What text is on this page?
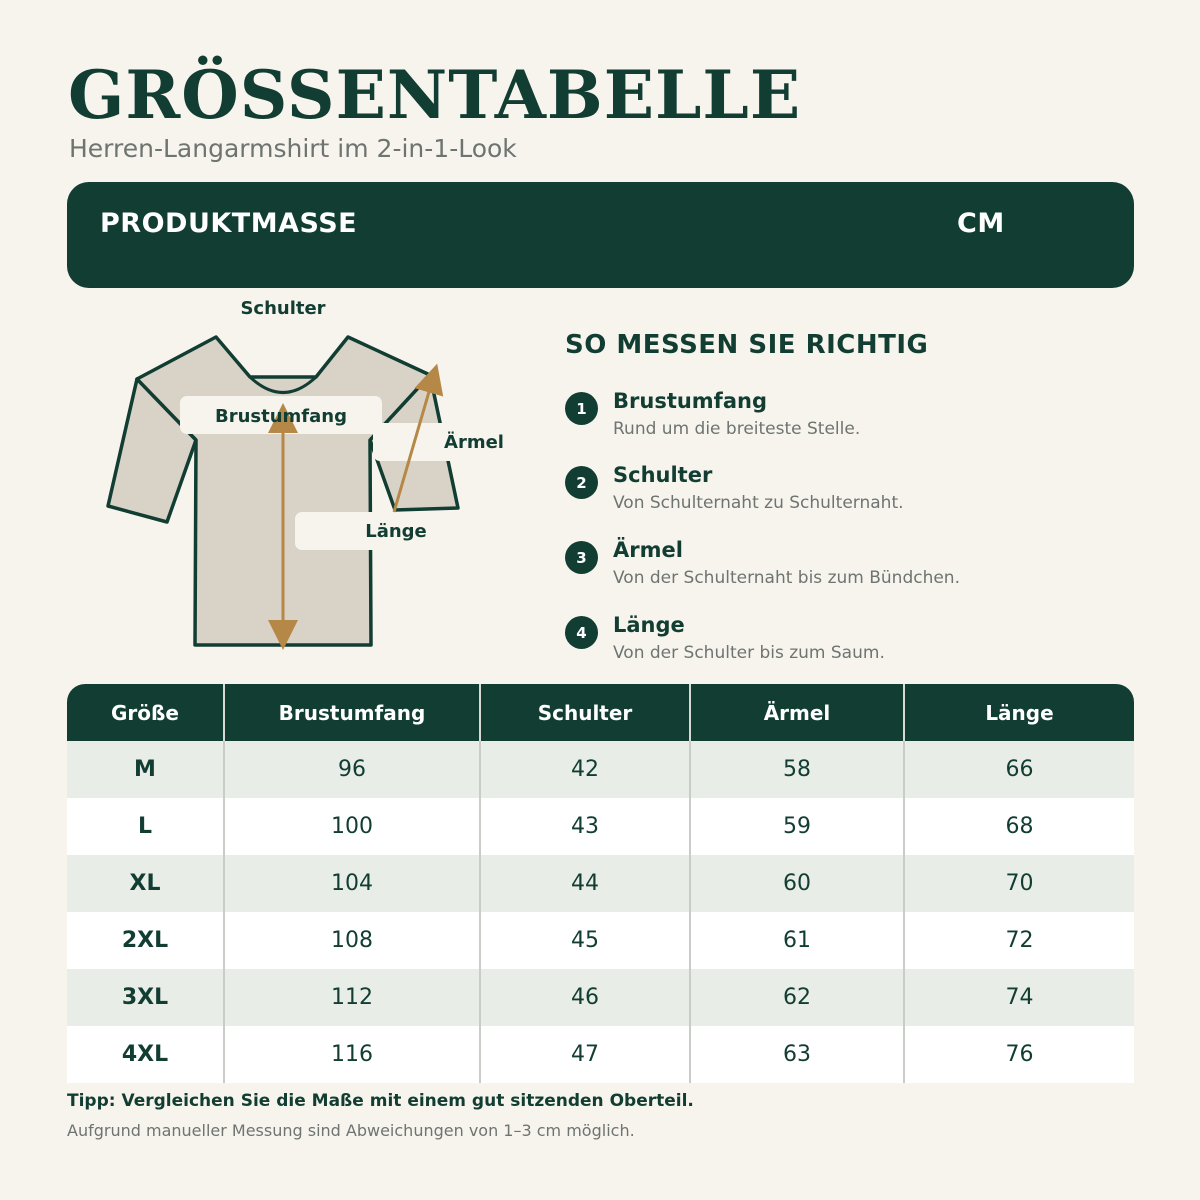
GRÖSSENTABELLE
Herren-Langarmshirt im 2-in-1-Look
PRODUKTMASSE	CM
Schulter
Brustumfang
Ärmel
Länge
SO MESSEN SIE RICHTIG
1	Brustumfang
Rund um die breiteste Stelle.
2	Schulter
Von Schulternaht zu Schulternaht.
3	Ärmel
Von der Schulternaht bis zum Bündchen.
4	Länge
Von der Schulter bis zum Saum.
Größe	Brustumfang	Schulter	Ärmel	Länge
M	96	42	58	66
L	100	43	59	68
XL	104	44	60	70
2XL	108	45	61	72
3XL	112	46	62	74
4XL	116	47	63	76
Tipp: Vergleichen Sie die Maße mit einem gut sitzenden Oberteil.
Aufgrund manueller Messung sind Abweichungen von 1–3 cm möglich.
